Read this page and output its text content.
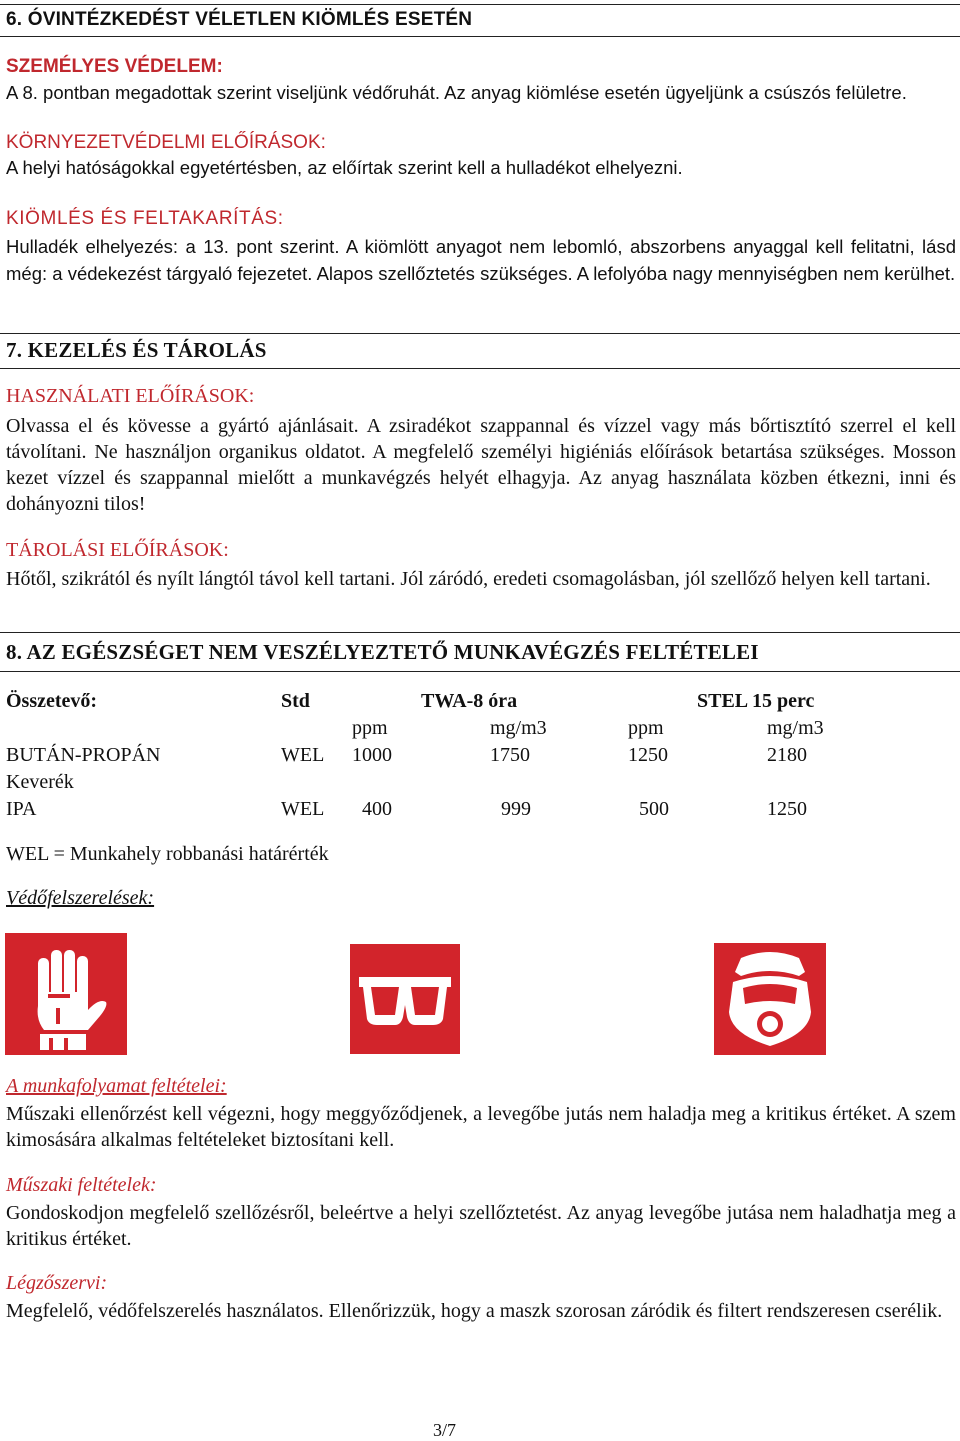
6. ÓVINTÉZKEDÉST VÉLETLEN KIÖMLÉS ESETÉN
SZEMÉLYES VÉDELEM:
A 8. pontban megadottak szerint viseljünk védőruhát. Az anyag kiömlése esetén ügyeljünk a csúszós felületre.
KÖRNYEZETVÉDELMI ELŐÍRÁSOK:
A helyi hatóságokkal egyetértésben, az előírtak szerint kell a hulladékot elhelyezni.
KIÖMLÉS ÉS FELTAKARÍTÁS:
Hulladék elhelyezés: a 13. pont szerint. A kiömlött anyagot nem lebomló, abszorbens anyaggal kell felitatni, lásd még: a védekezést tárgyaló fejezetet. Alapos szellőztetés szükséges. A lefolyóba nagy mennyiségben nem kerülhet.
7. KEZELÉS ÉS TÁROLÁS
HASZNÁLATI ELŐÍRÁSOK:
Olvassa el és kövesse a gyártó ajánlásait. A zsiradékot szappannal és vízzel vagy más bőrtisztító szerrel el kell távolítani. Ne használjon organikus oldatot. A megfelelő személyi higiéniás előírások betartása szükséges. Mosson kezet vízzel és szappannal mielőtt a munkavégzés helyét elhagyja. Az anyag használata közben étkezni, inni és dohányozni tilos!
TÁROLÁSI ELŐÍRÁSOK:
Hőtől, szikrától és nyílt lángtól távol kell tartani. Jól záródó, eredeti csomagolásban, jól szellőző helyen kell tartani.
8. AZ EGÉSZSÉGET NEM VESZÉLYEZTETŐ MUNKAVÉGZÉS FELTÉTELEI
Összetevő:	Std	TWA-8 óra	STEL 15 perc
ppm	mg/m3	ppm	mg/m3
BUTÁN-PROPÁN	WEL 1000	1750	1250	2180
Keverék
IPA	WEL 400	999	500	1250
WEL = Munkahely robbanási határérték
Védőfelszerelések:
A munkafolyamat feltételei:
Műszaki ellenőrzést kell végezni, hogy meggyőződjenek, a levegőbe jutás nem haladja meg a kritikus értéket. A szem kimosására alkalmas feltételeket biztosítani kell.
Műszaki feltételek:
Gondoskodjon megfelelő szellőzésről, beleértve a helyi szellőztetést. Az anyag levegőbe jutása nem haladhatja meg a kritikus értéket.
Légzőszervi:
Megfelelő, védőfelszerelés használatos. Ellenőrizzük, hogy a maszk szorosan záródik és filtert rendszeresen cserélik.
3/7
